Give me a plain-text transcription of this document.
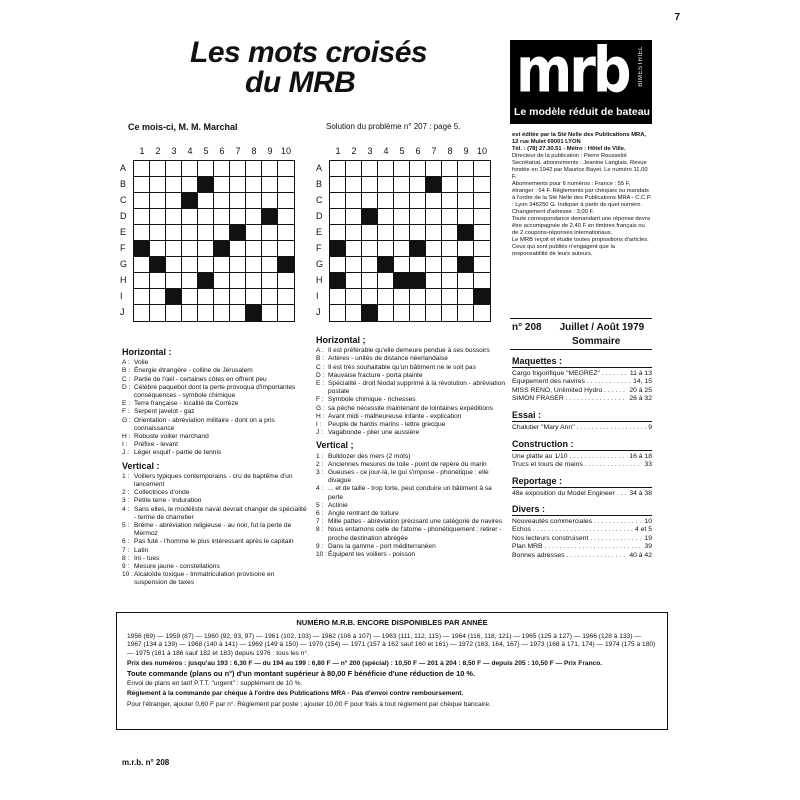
7
Les mots croisés
du MRB
Ce mois-ci, M. M. Marchal	Solution du problème n° 207 : page 5.
1	2	3	4	5	6	7	8	9 10
A
B
C
D
E
F
G
H
I
J
1	2	3	4	5	6	7	8	9 10
A
B
C
D
E
F
G
H
I
J
Horizontal :
A : Voile
B : Énergie étrangère - colline de Jérusalem
C : Partie de l'œil - certaines côtes en offrent peu
D : Célèbre paquebot dont la perte provoqua d'importantes conséquences - symbole chimique
E : Terre française - localité de Corrèze
F : Serpent javelot - gaz
G : Orientation - abréviation militaire - dont on a pris connaissance
H : Robuste voilier marchand
I : Préfixe - levant
J : Léger esquif - partie de tennis
Vertical :
1 : Voiliers typiques contemporains - cru de baptême d'un lancement
2 : Collectrices d'onde
3 : Petite terre - Induration
4 : Sans elles, le modéliste naval devrait changer de spécialité - terme de charretier
5 : Brême - abréviation religieuse - au noir, fut la perte de Mermoz
6 : Pas futé - l'homme le plus intéressant après le capitain
7 : Latin
8 : Ini - tues
9 : Mesure jaune - constellations
10 : Alcaloïde toxique - Immatriculation provisoire en suspension de taxes
Horizontal ;
A : Il est préférable qu'elle demeure pendue à ses bossoirs
B : Artères - unités de distance néerlandaise
C : Il est très souhaitable qu'un bâtiment ne le soit pas
D : Mauvaise fracture - porta plainte
E : Spécialité - droit féodal supprimé à la révolution - abréviation postale
F : Symbole chimique - richesses
G : sa pêche nécessite maintenant de lointaines expéditions
H : Avant midi - malheureuse infante - explication
I : Peuple de hardis marins - lettre grecque
J : Vagabonde - plier une aussière
Vertical ;
1 : Bulldozer des mers (2 mots)
2 : Anciennes mesures de toile - point de repère du marin
3 : Gueuses - ce jour-là, le gui s'impose - phonétique : elle divague
4 : ... et de taille - trop forte, peut conduire un bâtiment à sa perte
5 : Actinie
6 : Angle rentrant de toiture
7 : Mille pattes - abréviation précisant une catégorie de navires
8 : Nous entamons celle de l'atome - phonétiquement : retirer - proche destination abrégée
9 : Dans la gamme - port méditerranéen
10 : Équipent les voiliers - poisson
mrb BIMESTRIEL
Le modèle réduit de bateau
est éditée par la Sté Nelle des Publications MRA, 12 rue Mulet 69001 LYON
Tél. : (78) 27.30.51 - Métro : Hôtel de Ville.
Directeur de la publication : Pierre Rousselot Secrétariat, abonnements : Jeanine Langlais. Revue fondée en 1942 par Maurice Bayet. Le numéro 11,00 F.
Abonnements pour 6 numéros : France : 55 F, étranger : 64 F. Règlements par chèques ou mandats à l'ordre de la Sté Nelle des Publications MRA - C.C.P. : Lyon 346250 G. Indiquer à partir de quel numéro. Changement d'adresse : 3,00 F.
Toute correspondance demandant une réponse devra être accompagnée de 2,40 F en timbres français ou de 2 coupons-réponses internationaux.
Le MRB reçoit et étudie toutes propositions d'articles. Ceux qui sont publiés n'engagent que la responsabilité de leurs auteurs.
n° 208 Juillet / Août 1979
Sommaire
Maquettes :
Cargo frigorifique "MEGREZ" . . .	11 à 13
Equipement des navires . . .	14, 15
MISS RENO, Unlimited Hydro . . .	20 à 25
SIMON FRASER . . .	26 à 32
Essai :
Chalutier "Mary Ann" . . .	9
Construction :
Une platte au 1/10 . . .	16 à 18
Trucs et tours de mains . . .	33
Reportage :
48e exposition du Model Engineer . . .	34 à 38
Divers :
Nouveautés commerciales . . .	10
Échos . . .	4 et 5
Nos lecteurs construisent . . .	19
Plan MRB . . .	39
Bonnes adresses . . .	40 à 42
NUMÉRO M.R.B. ENCORE DISPONIBLES PAR ANNÉE

1956 (69) — 1959 (87) — 1960 (92, 93, 97) — 1961 (102, 103) — 1962 (106 à 107) — 1963 (111, 112, 115) — 1964 (116, 118, 121) — 1965 (125 à 127) — 1966 (128 à 133) — 1967 (134 à 139) — 1968 (140 à 141) — 1969 (149 à 150) — 1970 (154) — 1971 (157 à 162 sauf 160 et 161) — 1972 (163, 164, 167) — 1973 (168 à 171, 174) — 1974 (175 à 180) — 1975 (181 à 186 sauf 182 et 183) depuis 1976 : tous les n°.

Prix des numéros : jusqu'au 193 : 6,30 F — du 194 au 199 : 6,80 F — n° 200 (spécial) : 10,50 F — 201 à 204 : 8,50 F — depuis 205 : 10,50 F — Prix Franco.

Toute commande (plans ou n°) d'un montant supérieur à 80,00 F bénéficie d'une réduction de 10 %.

Envoi de plans en tarif P.T.T. "urgent" : supplément de 10 %.

Règlement à la commande par chèque à l'ordre des Publications MRA - Pas d'envoi contre remboursement.

Pour l'étranger, ajouter 0,60 F par n°. Règlement par poste ; ajouter 10,00 F pour frais à tout règlement par chèque bancaire.

m.r.b. n° 208
